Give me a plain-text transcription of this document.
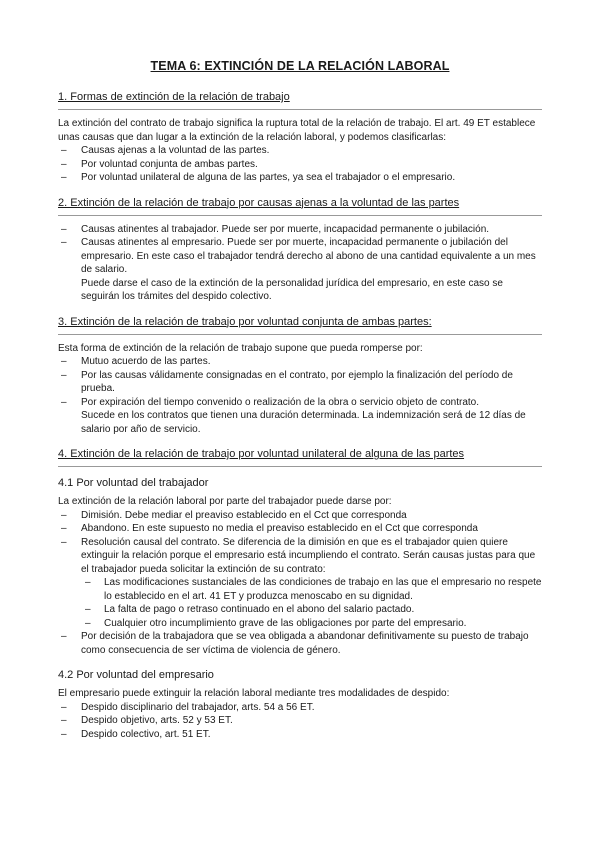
TEMA 6: EXTINCIÓN DE LA RELACIÓN LABORAL
1. Formas de extinción de la relación de trabajo

La extinción del contrato de trabajo significa la ruptura total de la relación de trabajo. El art. 49 ET establece unas causas que dan lugar a la extinción de la relación laboral, y podemos clasificarlas:

– Causas ajenas a la voluntad de las partes.
– Por voluntad conjunta de ambas partes.
– Por voluntad unilateral de alguna de las partes, ya sea el trabajador o el empresario.
2. Extinción de la relación de trabajo por causas ajenas a la voluntad de las partes
– Causas atinentes al trabajador. Puede ser por muerte, incapacidad permanente o jubilación.
– Causas atinentes al empresario. Puede ser por muerte, incapacidad permanente o jubilación del empresario. En este caso el trabajador tendrá derecho al abono de una cantidad equivalente a un mes de salario.
Puede darse el caso de la extinción de la personalidad jurídica del empresario, en este caso se seguirán los trámites del despido colectivo.
3. Extinción de la relación de trabajo por voluntad conjunta de ambas partes:

Esta forma de extinción de la relación de trabajo supone que pueda romperse por:

– Mutuo acuerdo de las partes.
– Por las causas válidamente consignadas en el contrato, por ejemplo la finalización del período de prueba.
– Por expiración del tiempo convenido o realización de la obra o servicio objeto de contrato.
Sucede en los contratos que tienen una duración determinada. La indemnización será de 12 días de salario por año de servicio.
4. Extinción de la relación de trabajo por voluntad unilateral de alguna de las partes
4.1 Por voluntad del trabajador

La extinción de la relación laboral por parte del trabajador puede darse por:

– Dimisión. Debe mediar el preaviso establecido en el Cct que corresponda
– Abandono. En este supuesto no media el preaviso establecido en el Cct que corresponda
– Resolución causal del contrato. Se diferencia de la dimisión en que es el trabajador quien quiere extinguir la relación porque el empresario está incumpliendo el contrato. Serán causas justas para que el trabajador pueda solicitar la extinción de su contrato:
– Las modificaciones sustanciales de las condiciones de trabajo en las que el empresario no respete lo establecido en el art. 41 ET y produzca menoscabo en su dignidad.
– La falta de pago o retraso continuado en el abono del salario pactado.
– Cualquier otro incumplimiento grave de las obligaciones por parte del empresario.
– Por decisión de la trabajadora que se vea obligada a abandonar definitivamente su puesto de trabajo como consecuencia de ser víctima de violencia de género.
4.2 Por voluntad del empresario

El empresario puede extinguir la relación laboral mediante tres modalidades de despido:

– Despido disciplinario del trabajador, arts. 54 a 56 ET.
– Despido objetivo, arts. 52 y 53 ET.
– Despido colectivo, art. 51 ET.
